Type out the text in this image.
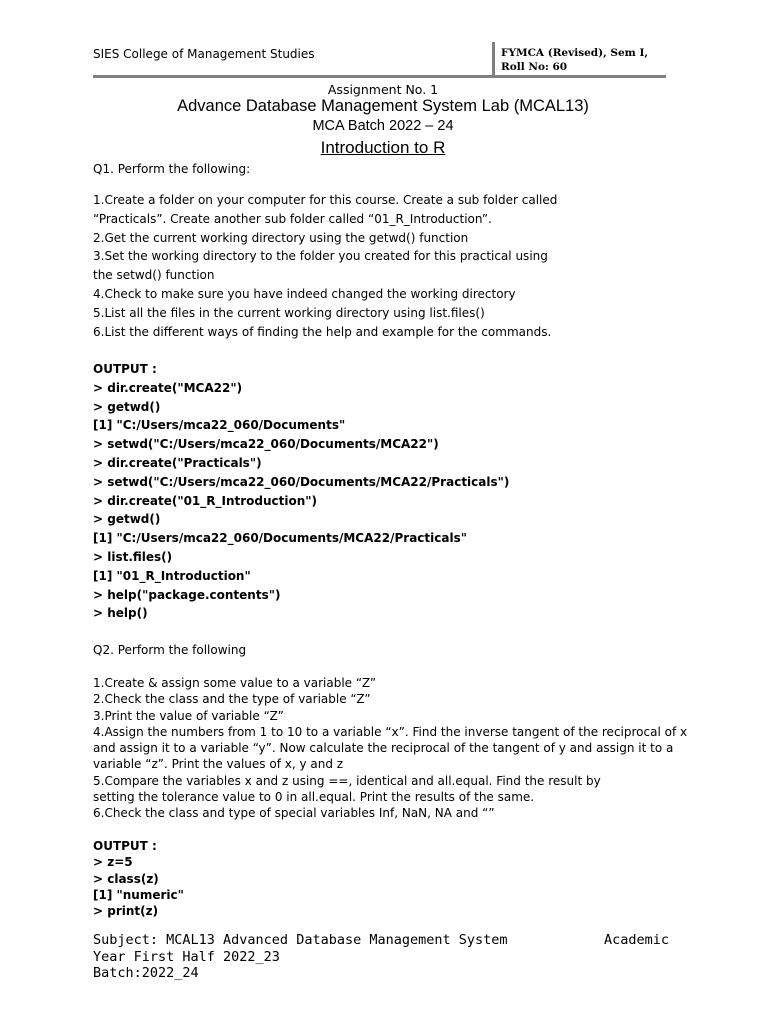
SIES College of Management Studies	FYMCA (Revised), Sem I,
Roll No: 60
Assignment No. 1
Advance Database Management System Lab (MCAL13)
MCA Batch 2022 – 24
Introduction to R
Q1. Perform the following:
1.Create a folder on your computer for this course. Create a sub folder called
“Practicals”. Create another sub folder called “01_R_Introduction”.
2.Get the current working directory using the getwd() function
3.Set the working directory to the folder you created for this practical using
the setwd() function
4.Check to make sure you have indeed changed the working directory
5.List all the files in the current working directory using list.files()
6.List the different ways of finding the help and example for the commands.
OUTPUT :
> dir.create("MCA22")
> getwd()
[1] "C:/Users/mca22_060/Documents"
> setwd("C:/Users/mca22_060/Documents/MCA22")
> dir.create("Practicals")
> setwd("C:/Users/mca22_060/Documents/MCA22/Practicals")
> dir.create("01_R_Introduction")
> getwd()
[1] "C:/Users/mca22_060/Documents/MCA22/Practicals"
> list.files()
[1] "01_R_Introduction"
> help("package.contents")
> help()
Q2. Perform the following
1.Create & assign some value to a variable “Z”
2.Check the class and the type of variable “Z”
3.Print the value of variable “Z”
4.Assign the numbers from 1 to 10 to a variable “x”. Find the inverse tangent of the reciprocal of x
and assign it to a variable “y”. Now calculate the reciprocal of the tangent of y and assign it to a
variable “z”. Print the values of x, y and z
5.Compare the variables x and z using ==, identical and all.equal. Find the result by
setting the tolerance value to 0 in all.equal. Print the results of the same.
6.Check the class and type of special variables Inf, NaN, NA and “”
OUTPUT :
> z=5
> class(z)
[1] "numeric"
> print(z)
Subject: MCAL13 Advanced Database Management System	Academic
Year First Half 2022_23
Batch:2022_24
